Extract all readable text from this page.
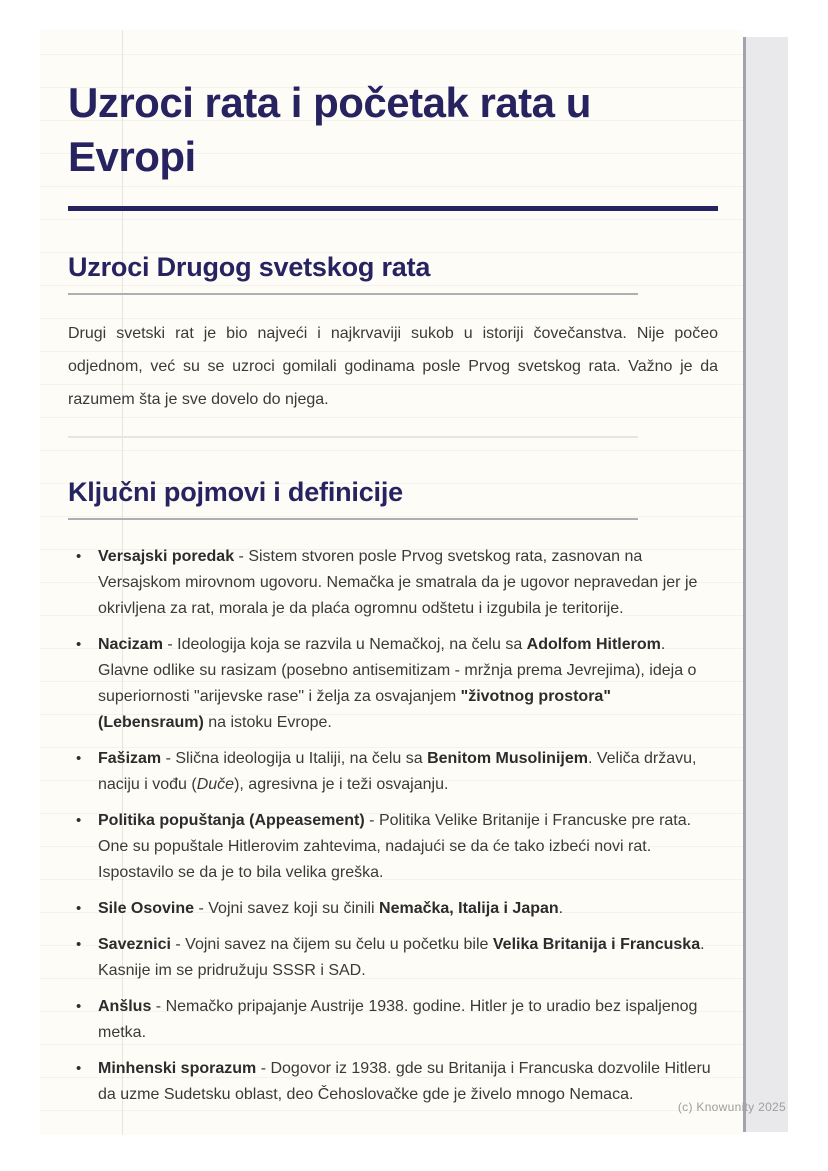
Uzroci rata i početak rata u Evropi
Uzroci Drugog svetskog rata

Drugi svetski rat je bio najveći i najkrvaviji sukob u istoriji čovečanstva. Nije počeo odjednom, već su se uzroci gomilali godinama posle Prvog svetskog rata. Važno je da razumem šta je sve dovelo do njega.

Ključni pojmovi i definicije
•	Versajski poredak - Sistem stvoren posle Prvog svetskog rata, zasnovan na Versajskom mirovnom ugovoru. Nemačka je smatrala da je ugovor nepravedan jer je okrivljena za rat, morala je da plaća ogromnu odštetu i izgubila je teritorije.
•	Nacizam - Ideologija koja se razvila u Nemačkoj, na čelu sa Adolfom Hitlerom. Glavne odlike su rasizam (posebno antisemitizam - mržnja prema Jevrejima), ideja o superiornosti "arijevske rase" i želja za osvajanjem "životnog prostora" (Lebensraum) na istoku Evrope.
•	Fašizam - Slična ideologija u Italiji, na čelu sa Benitom Musolinijem. Veliča državu, naciju i vođu (Duče), agresivna je i teži osvajanju.
•	Politika popuštanja (Appeasement) - Politika Velike Britanije i Francuske pre rata. One su popuštale Hitlerovim zahtevima, nadajući se da će tako izbeći novi rat. Ispostavilo se da je to bila velika greška.
•	Sile Osovine - Vojni savez koji su činili Nemačka, Italija i Japan.
•	Saveznici - Vojni savez na čijem su čelu u početku bile Velika Britanija i Francuska. Kasnije im se pridružuju SSSR i SAD.
•	Anšlus - Nemačko pripajanje Austrije 1938. godine. Hitler je to uradio bez ispaljenog metka.
•	Minhenski sporazum - Dogovor iz 1938. gde su Britanija i Francuska dozvolile Hitleru da uzme Sudetsku oblast, deo Čehoslovačke gde je živelo mnogo Nemaca.
(c) Knowunity 2025
